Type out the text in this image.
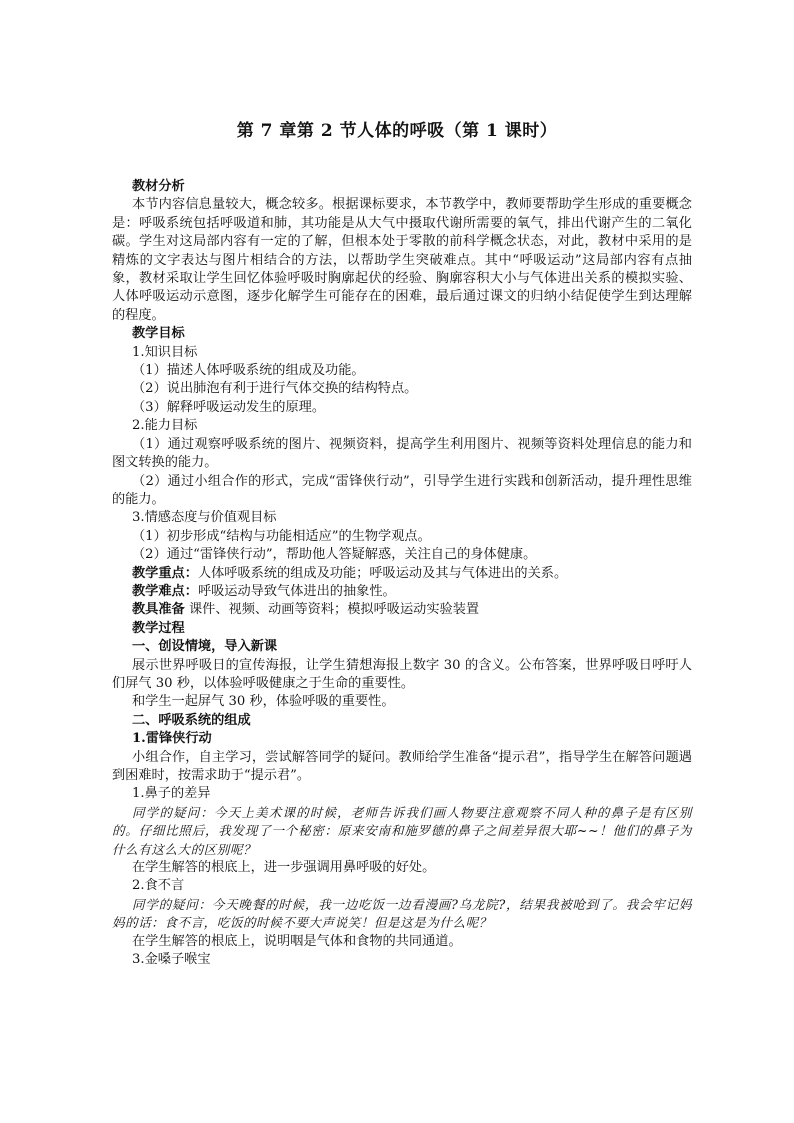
第 7 章第 2 节人体的呼吸（第 1 课时）

教材分析

本节内容信息量较大，概念较多。根据课标要求，本节教学中，教师要帮助学生形成的重要概念是：呼吸系统包括呼吸道和肺，其功能是从大气中摄取代谢所需要的氧气，排出代谢产生的二氧化碳。学生对这局部内容有一定的了解，但根本处于零散的前科学概念状态，对此，教材中采用的是精炼的文字表达与图片相结合的方法，以帮助学生突破难点。其中“呼吸运动”这局部内容有点抽象，教材采取让学生回忆体验呼吸时胸廓起伏的经验、胸廓容积大小与气体进出关系的模拟实验、人体呼吸运动示意图，逐步化解学生可能存在的困难，最后通过课文的归纳小结促使学生到达理解的程度。

教学目标

1.知识目标

（1）描述人体呼吸系统的组成及功能。

（2）说出肺泡有利于进行气体交换的结构特点。

（3）解释呼吸运动发生的原理。

2.能力目标

（1）通过观察呼吸系统的图片、视频资料，提高学生利用图片、视频等资料处理信息的能力和图文转换的能力。

（2）通过小组合作的形式，完成“雷锋侠行动”，引导学生进行实践和创新活动，提升理性思维的能力。

3.情感态度与价值观目标

（1）初步形成“结构与功能相适应”的生物学观点。

（2）通过“雷锋侠行动”，帮助他人答疑解惑，关注自己的身体健康。

教学重点：人体呼吸系统的组成及功能；呼吸运动及其与气体进出的关系。

教学难点：呼吸运动导致气体进出的抽象性。

教具准备 课件、视频、动画等资料；模拟呼吸运动实验装置

教学过程

一、创设情境，导入新课

展示世界呼吸日的宣传海报，让学生猜想海报上数字 30 的含义。公布答案，世界呼吸日呼吁人们屏气 30 秒，以体验呼吸健康之于生命的重要性。

和学生一起屏气 30 秒，体验呼吸的重要性。

二、呼吸系统的组成

1.雷锋侠行动

小组合作，自主学习，尝试解答同学的疑问。教师给学生准备“提示君”，指导学生在解答问题遇到困难时，按需求助于“提示君”。

1.鼻子的差异

同学的疑问：今天上美术课的时候，老师告诉我们画人物要注意观察不同人种的鼻子是有区别的。仔细比照后，我发现了一个秘密：原来安南和施罗德的鼻子之间差异很大耶~~！他们的鼻子为什么有这么大的区别呢？

在学生解答的根底上，进一步强调用鼻呼吸的好处。

2.食不言

同学的疑问：今天晚餐的时候，我一边吃饭一边看漫画?乌龙院?，结果我被呛到了。我会牢记妈妈的话：食不言，吃饭的时候不要大声说笑！但是这是为什么呢？

在学生解答的根底上，说明咽是气体和食物的共同通道。

3.金嗓子喉宝
